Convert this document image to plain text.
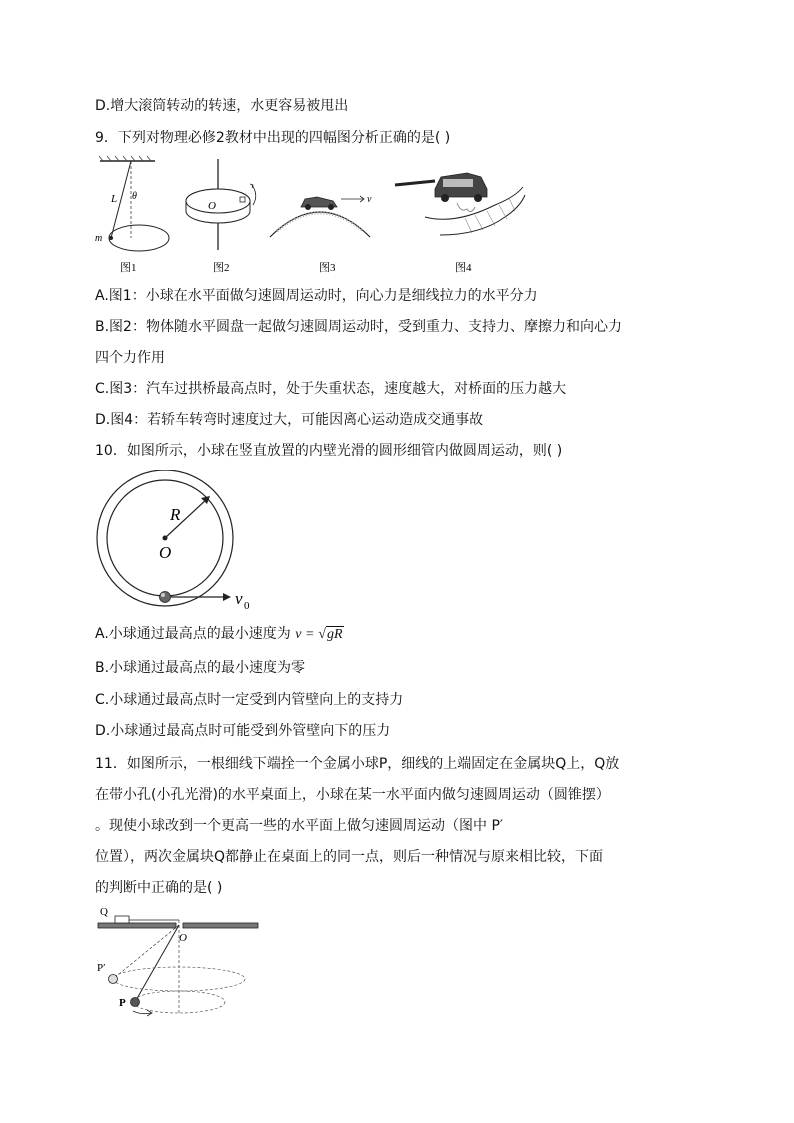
D.增大滚筒转动的转速，水更容易被甩出
9．下列对物理必修2教材中出现的四幅图分析正确的是( )
L θ
m
O
v
图1	图2	图3	图4
A.图1：小球在水平面做匀速圆周运动时，向心力是细线拉力的水平分力
B.图2：物体随水平圆盘一起做匀速圆周运动时，受到重力、支持力、摩擦力和向心力
四个力作用
C.图3：汽车过拱桥最高点时，处于失重状态，速度越大，对桥面的压力越大
D.图4：若轿车转弯时速度过大，可能因离心运动造成交通事故
10．如图所示，小球在竖直放置的内壁光滑的圆形细管内做圆周运动，则( )
R
O
v 0
A.小球通过最高点的最小速度为 v = √gR
B.小球通过最高点的最小速度为零
C.小球通过最高点时一定受到内管壁向上的支持力
D.小球通过最高点时可能受到外管壁向下的压力
11．如图所示，一根细线下端拴一个金属小球P，细线的上端固定在金属块Q上，Q放
在带小孔(小孔光滑)的水平桌面上，小球在某一水平面内做匀速圆周运动（圆锥摆）
。现使小球改到一个更高一些的水平面上做匀速圆周运动（图中 P′
位置），两次金属块Q都静止在桌面上的同一点，则后一种情况与原来相比较，下面
的判断中正确的是( )
Q
O
P′
P
